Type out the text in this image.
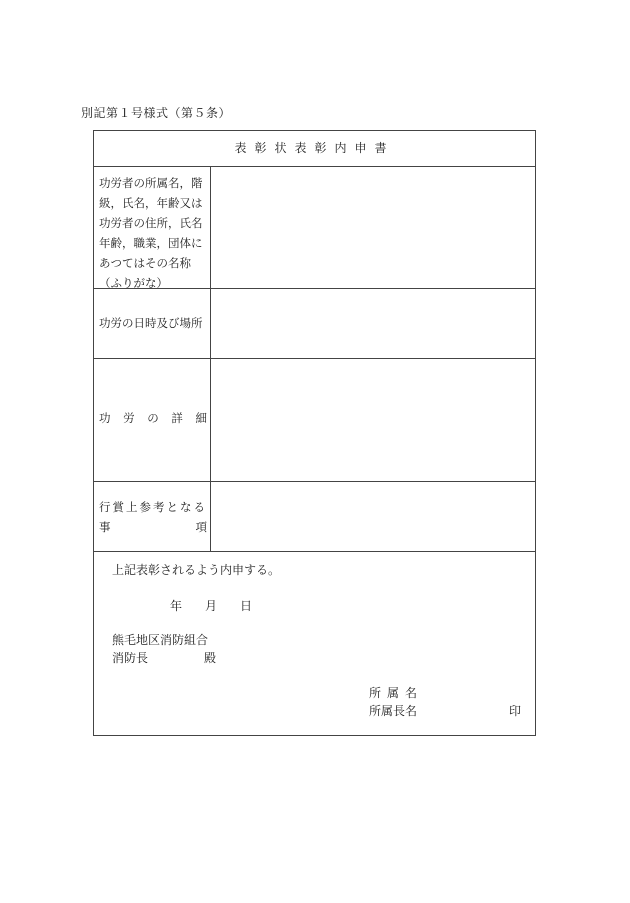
別記第１号様式（第５条）
表彰状表彰内申書
功労者の所属名，階
級，氏名，年齢又は
功労者の住所，氏名
年齢，職業，団体に
あつてはその名称
（ふりがな）
功労の日時及び場所
功 労 の 詳 細
行賞上参考となる
事	項
上記表彰されるよう内申する。
年 月 日
熊毛地区消防組合
消防長	殿
所 属 名
所属長名	印
